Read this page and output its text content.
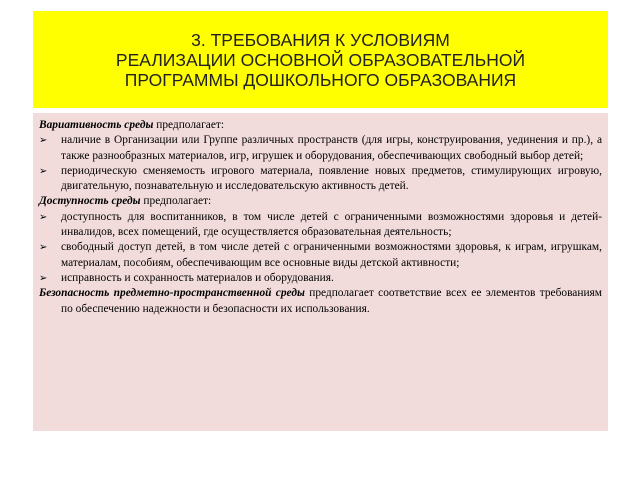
3. ТРЕБОВАНИЯ К УСЛОВИЯМ
РЕАЛИЗАЦИИ ОСНОВНОЙ ОБРАЗОВАТЕЛЬНОЙ
ПРОГРАММЫ ДОШКОЛЬНОГО ОБРАЗОВАНИЯ

Вариативность среды предполагает:

➢	наличие в Организации или Группе различных пространств (для игры, конструирования, уединения и пр.), а также разнообразных материалов, игр, игрушек и оборудования, обеспечивающих свободный выбор детей;

➢	периодическую сменяемость игрового материала, появление новых предметов, стимулирующих игровую, двигательную, познавательную и исследовательскую активность детей.

Доступность среды предполагает:

➢	доступность для воспитанников, в том числе детей с ограниченными возможностями здоровья и детей-инвалидов, всех помещений, где осуществляется образовательная деятельность;

➢	свободный доступ детей, в том числе детей с ограниченными возможностями здоровья, к играм, игрушкам, материалам, пособиям, обеспечивающим все основные виды детской активности;

➢	исправность и сохранность материалов и оборудования.

Безопасность предметно-пространственной среды предполагает соответствие всех ее элементов требованиям по обеспечению надежности и безопасности их использования.
